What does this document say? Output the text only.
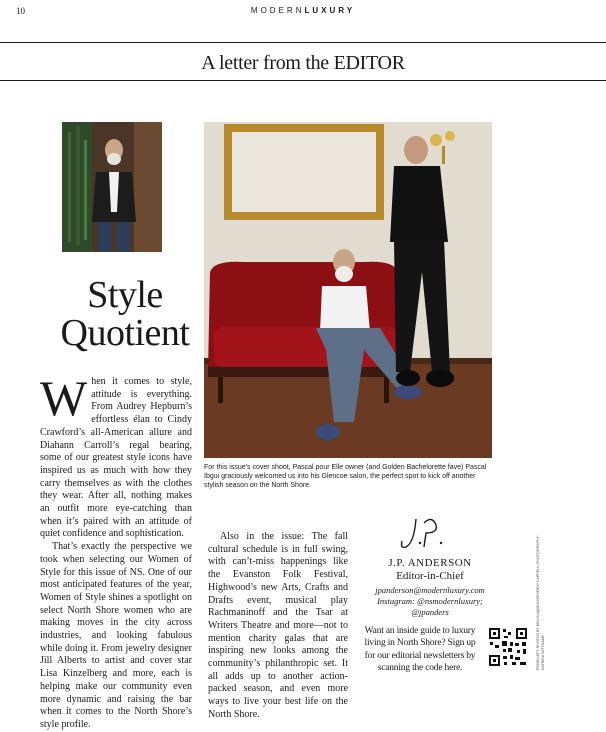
10	MODERNLUXURY
A letter from the EDITOR
Style
Quotient

When it comes to style, attitude is everything. From Audrey Hepburn’s effortless élan to Cindy Crawford’s all-American allure and Diahann Carroll’s regal bearing, some of our greatest style icons have inspired us as much with how they carry themselves as with the clothes they wear. After all, nothing makes an outfit more eye-catching than when it’s paired with an attitude of quiet confidence and sophistication.

That’s exactly the perspective we took when selecting our Women of Style for this issue of NS. One of our most anticipated features of the year, Women of Style shines a spotlight on select North Shore women who are making moves in the city across industries, and looking fabulous while doing it. From jewelry designer Jill Alberts to artist and cover star Lisa Kinzelberg and more, each is helping make our community even more dynamic and raising the bar when it comes to the North Shore’s style profile.

For this issue’s cover shoot, Pascal pour Elle owner (and Golden Bachelorette fave) Pascal Ibgui graciously welcomed us into his Glencoe salon, the perfect spot to kick off another stylish season on the North Shore.

Also in the issue: The fall cultural schedule is in full swing, with can’t-miss happenings like the Evanston Folk Festival, Highwood’s new Arts, Crafts and Drafts event, musical play Rachmaninoff and the Tsar at Writers Theatre and more—not to mention charity galas that are inspiring new looks among the community’s philanthropic set. It all adds up to another action-packed season, and even more ways to live your best life on the North Shore.

J.P. ANDERSON
Editor-in-Chief
jpanderson@modernluxury.com
Instagram: @nsmodernluxury;
@jpanders
Want an inside guide to luxury living in North Shore? Sign up for our editorial newsletters by scanning the code here.	FROM LEFT: PHOTOS BY BELVA AQUINO/GEHRES+CAPPELLI PHOTOGRAPHY; KATRINA WITTKAMP
